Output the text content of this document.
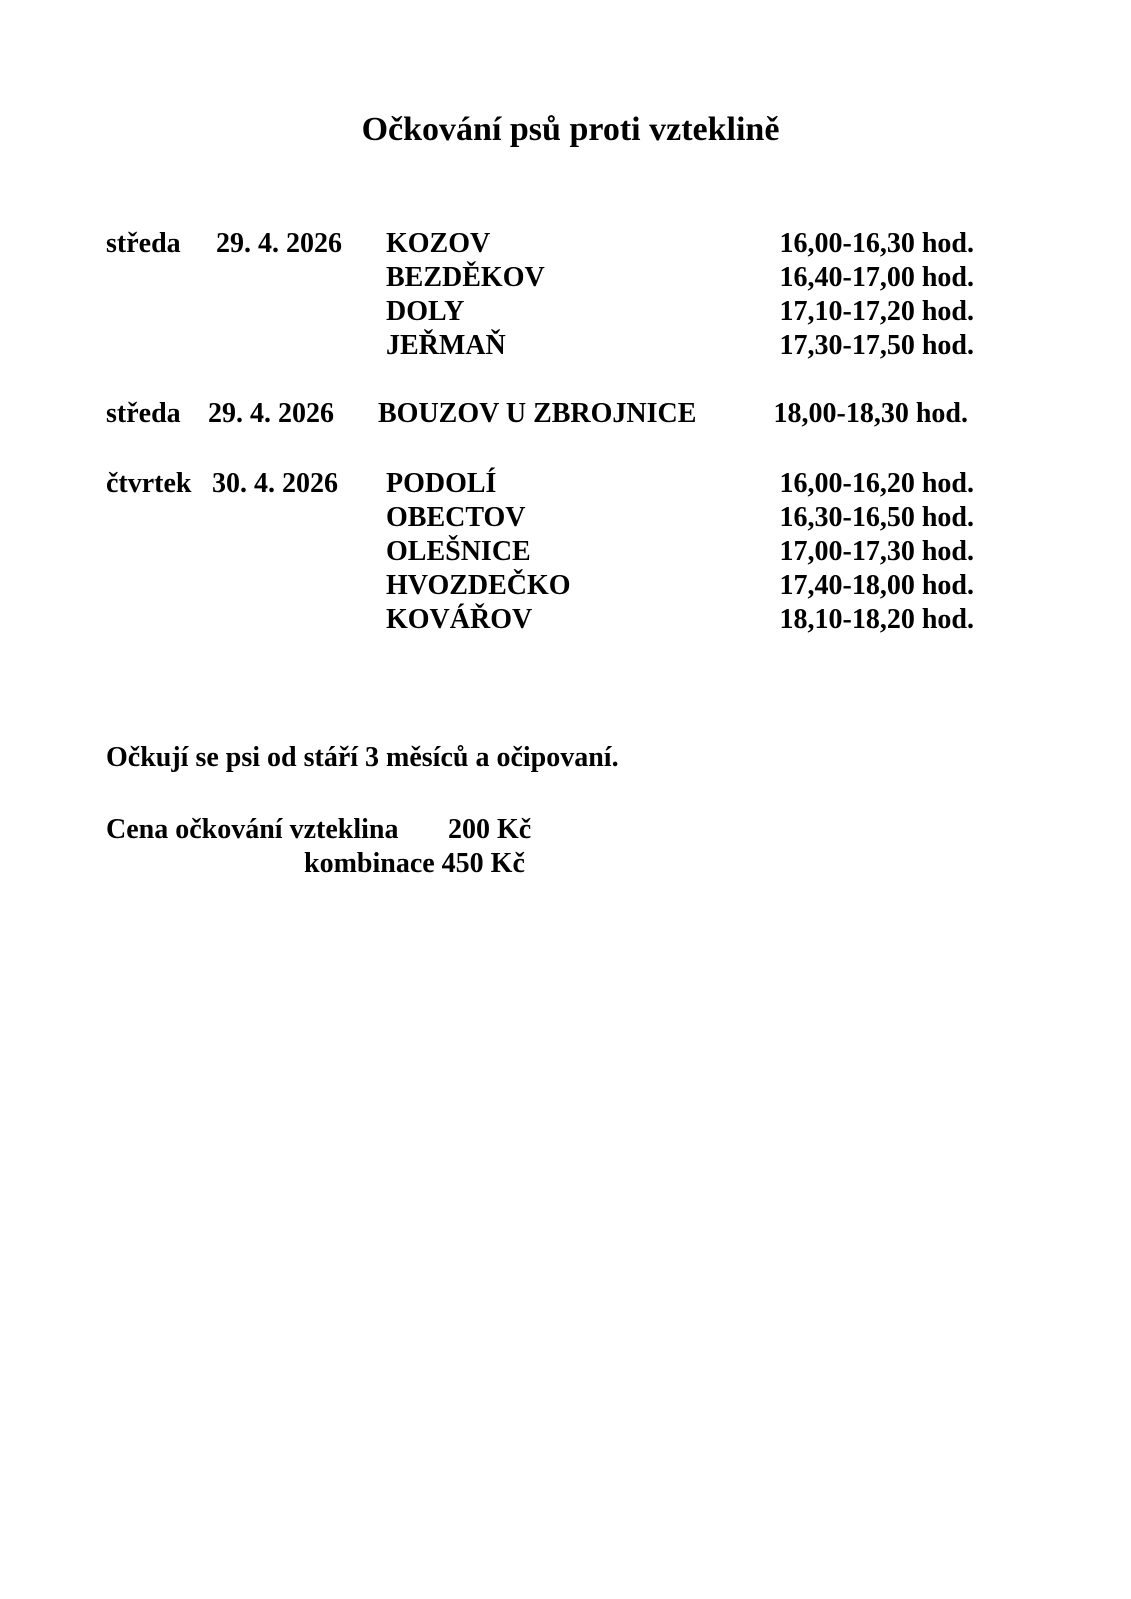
Očkování psů proti vzteklině
středa 29. 4. 2026 KOZOV	16,00-16,30 hod.
BEZDĚKOV	16,40-17,00 hod.
DOLY	17,10-17,20 hod.
JEŘMAŇ	17,30-17,50 hod.
středa 29. 4. 2026 BOUZOV U ZBROJNICE	18,00-18,30 hod.
čtvrtek 30. 4. 2026 PODOLÍ	16,00-16,20 hod.
OBECTOV	16,30-16,50 hod.
OLEŠNICE	17,00-17,30 hod.
HVOZDEČKO	17,40-18,00 hod.
KOVÁŘOV	18,10-18,20 hod.
Očkují se psi od stáří 3 měsíců a očipovaní.
Cena očkování vzteklina 200 Kč
kombinace 450 Kč
